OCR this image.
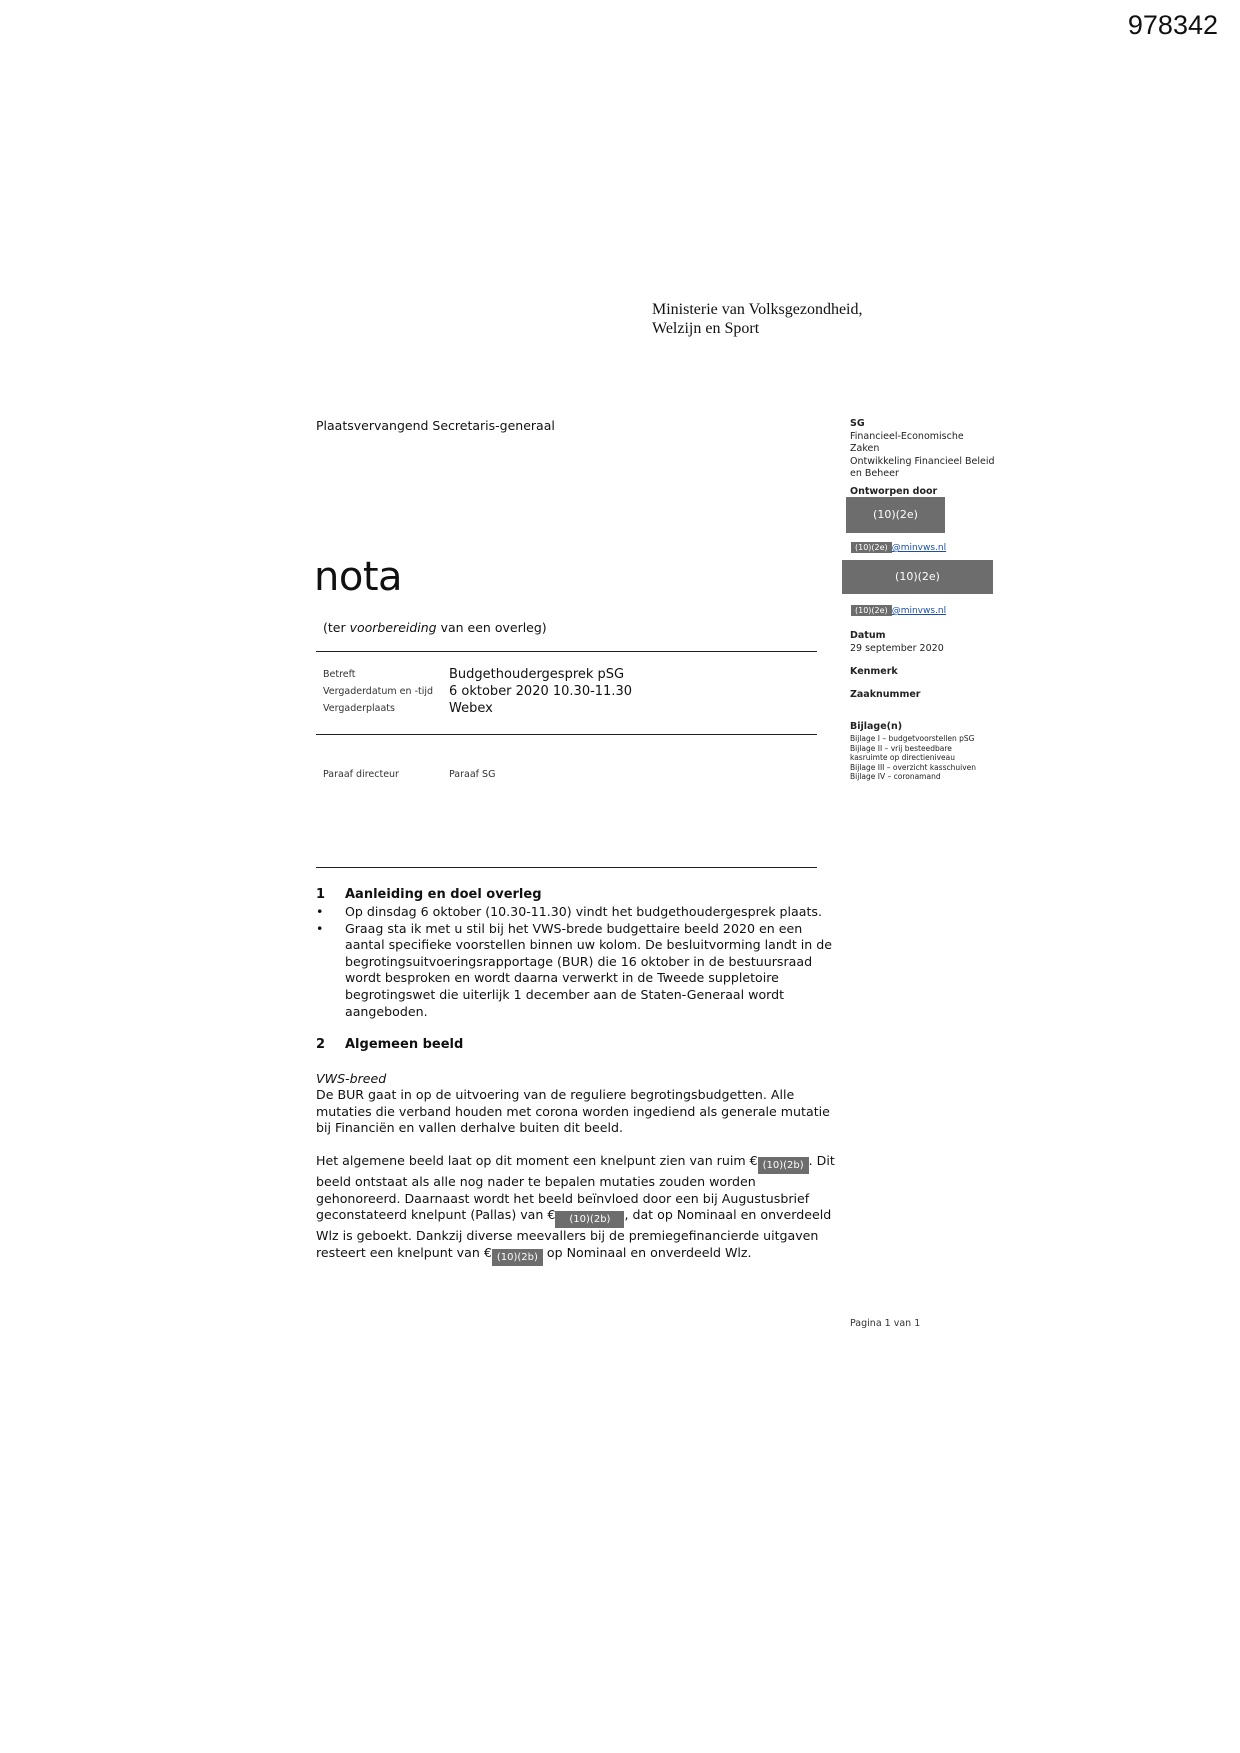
978342
Ministerie van Volksgezondheid,
Welzijn en Sport
Plaatsvervangend Secretaris-generaal
nota
(ter voorbereiding van een overleg)
Betreft	Budgethoudergesprek pSG
Vergaderdatum en -tijd 6 oktober 2020 10.30-11.30
Vergaderplaats	Webex
Paraaf directeur	Paraaf SG
1 Aanleiding en doel overleg
• Op dinsdag 6 oktober (10.30-11.30) vindt het budgethoudergesprek plaats.
• Graag sta ik met u stil bij het VWS-brede budgettaire beeld 2020 en een aantal specifieke voorstellen binnen uw kolom. De besluitvorming landt in de begrotingsuitvoeringsrapportage (BUR) die 16 oktober in de bestuursraad wordt besproken en wordt daarna verwerkt in de Tweede suppletoire begrotingswet die uiterlijk 1 december aan de Staten-Generaal wordt aangeboden.
2 Algemeen beeld
VWS-breed

De BUR gaat in op de uitvoering van de reguliere begrotingsbudgetten. Alle mutaties die verband houden met corona worden ingediend als generale mutatie bij Financiën en vallen derhalve buiten dit beeld.

Het algemene beeld laat op dit moment een knelpunt zien van ruim € (10)(2b) . Dit beeld ontstaat als alle nog nader te bepalen mutaties zouden worden gehonoreerd. Daarnaast wordt het beeld beïnvloed door een bij Augustusbrief geconstateerd knelpunt (Pallas) van € (10)(2b) , dat op Nominaal en onverdeeld Wlz is geboekt. Dankzij diverse meevallers bij de premiegefinancierde uitgaven resteert een knelpunt van € (10)(2b) op Nominaal en onverdeeld Wlz.

SG
Financieel-Economische
Zaken
Ontwikkeling Financieel Beleid
en Beheer
Ontworpen door
(10)(2e)
(10)(2e) @minvws.nl
(10)(2e)
(10)(2e) @minvws.nl
Datum
29 september 2020
Kenmerk
Zaaknummer
Bijlage(n)
Bijlage I – budgetvoorstellen pSG
Bijlage II – vrij besteedbare kasruimte op directieniveau
Bijlage III – overzicht kasschuiven
Bijlage IV – coronamand
Pagina 1 van 1
